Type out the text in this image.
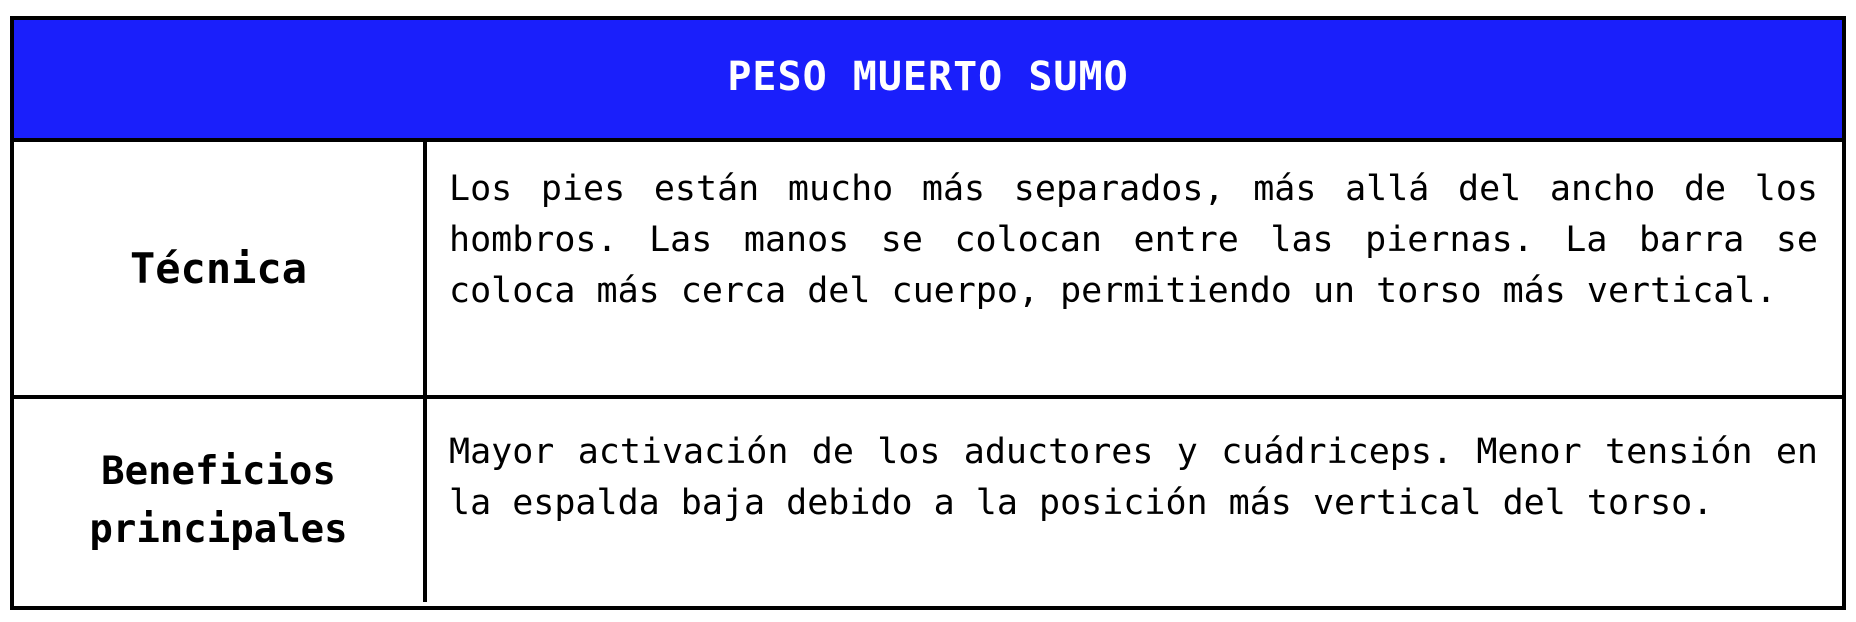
PESO MUERTO SUMO
Técnica

Los pies están mucho más separados, más allá del ancho de los hombros. Las manos se colocan entre las piernas. La barra se coloca más cerca del cuerpo, permitiendo un torso más vertical.

Beneficios principales

Mayor activación de los aductores y cuádriceps. Menor tensión en la espalda baja debido a la posición más vertical del torso.
